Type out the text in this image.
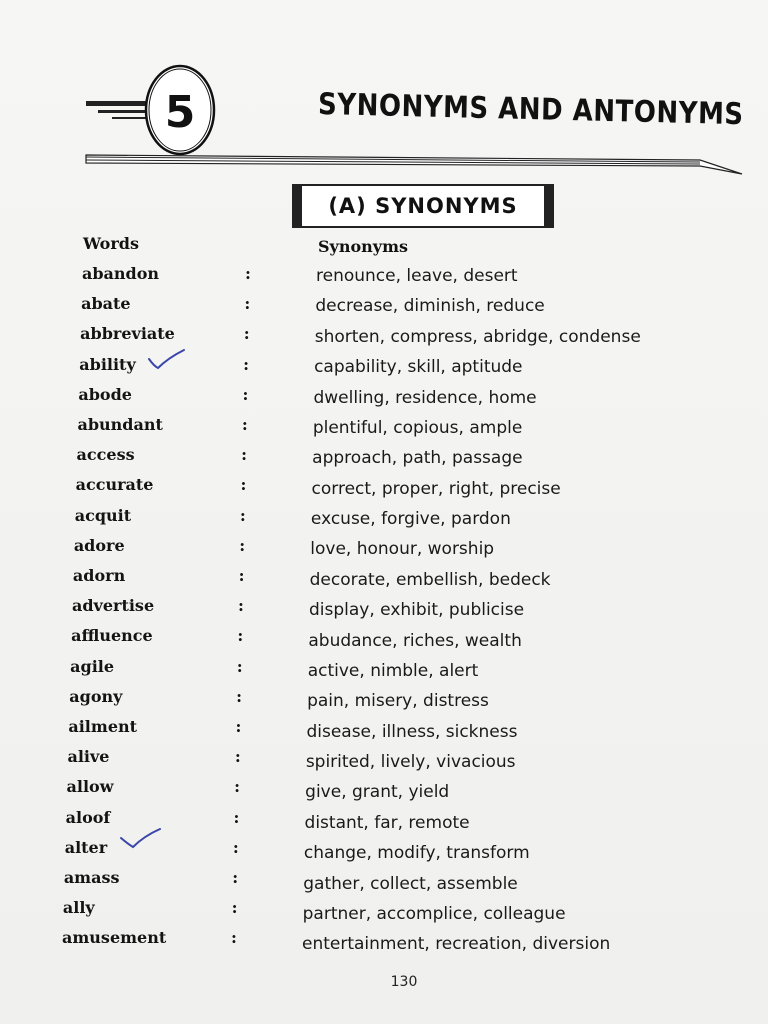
5	SYNONYMS AND ANTONYMS
(A) SYNONYMS
Words	Synonyms
abandon	:	renounce, leave, desert
abate	:	decrease, diminish, reduce
abbreviate	:	shorten, compress, abridge, condense
ability	:	capability, skill, aptitude
abode	:	dwelling, residence, home
abundant	:	plentiful, copious, ample
access	:	approach, path, passage
accurate	:	correct, proper, right, precise
acquit	:	excuse, forgive, pardon
adore	:	love, honour, worship
adorn	:	decorate, embellish, bedeck
advertise	:	display, exhibit, publicise
affluence	:	abudance, riches, wealth
agile	:	active, nimble, alert
agony	:	pain, misery, distress
ailment	:	disease, illness, sickness
alive	:	spirited, lively, vivacious
allow	:	give, grant, yield
aloof	:	distant, far, remote
alter	:	change, modify, transform
amass	:	gather, collect, assemble
ally	:	partner, accomplice, colleague
amusement	:	entertainment, recreation, diversion
130
